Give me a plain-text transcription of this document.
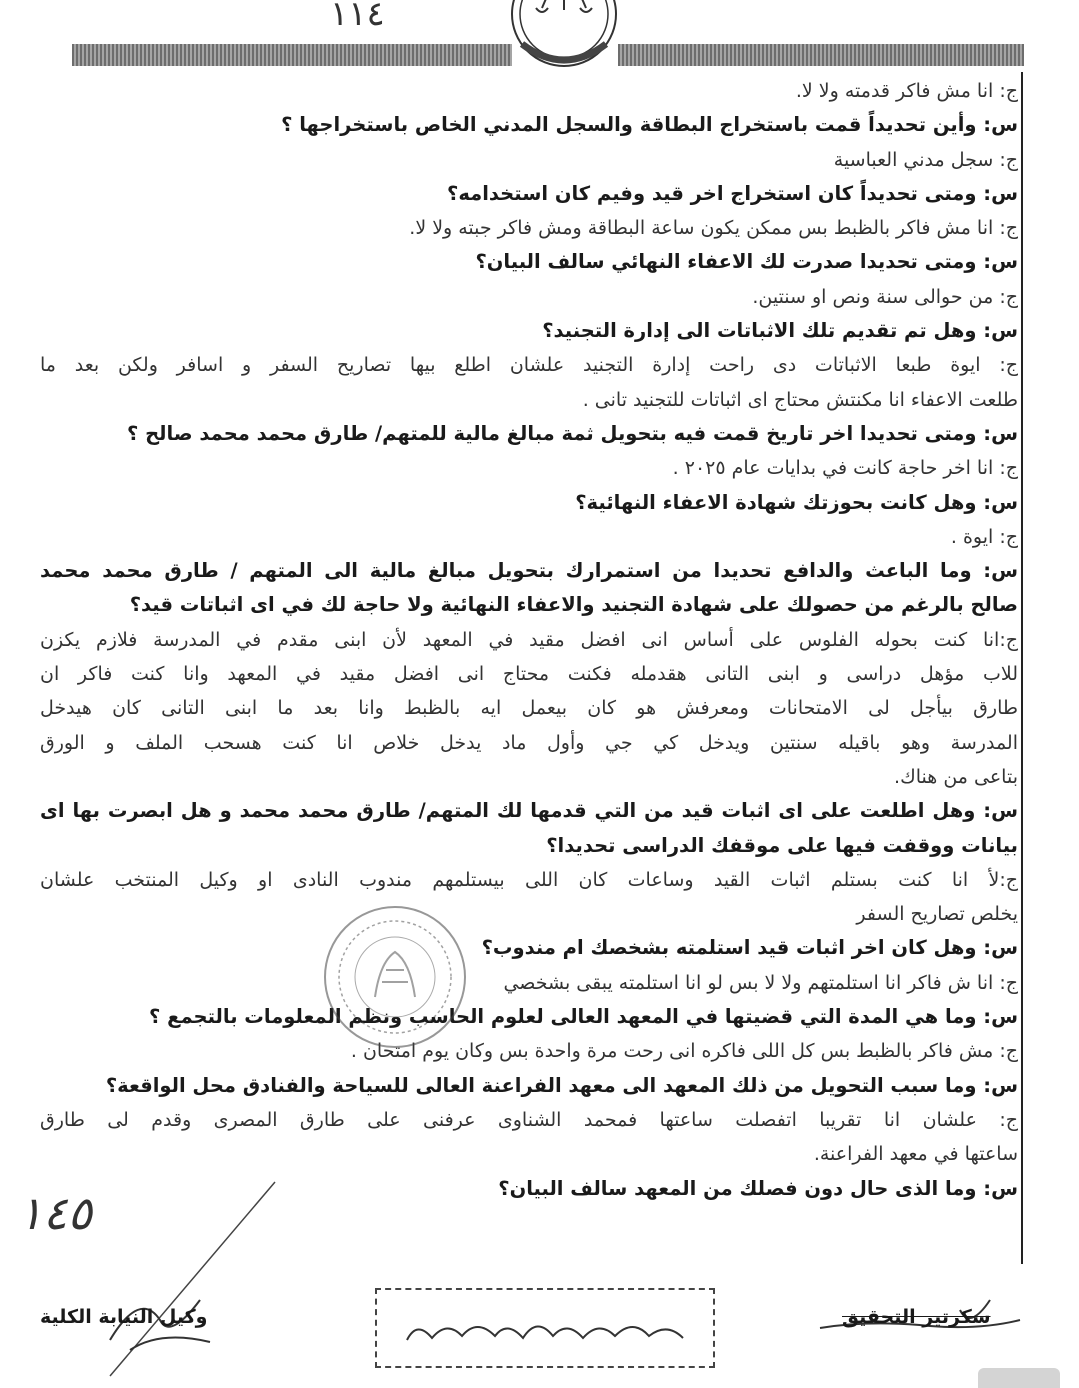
١١٤
ج: انا مش فاكر قدمته ولا لا.
س: وأين تحديداً قمت باستخراج البطاقة والسجل المدني الخاص باستخراجها ؟
ج: سجل مدني العباسية
س: ومتى تحديداً كان استخراج اخر قيد وفيم كان استخدامه؟
ج: انا مش فاكر بالظبط بس ممكن يكون ساعة البطاقة ومش فاكر جبته ولا لا.
س: ومتى تحديدا صدرت لك الاعفاء النهائي سالف البيان؟
ج: من حوالى سنة ونص او سنتين.
س: وهل تم تقديم تلك الاثباتات الى إدارة التجنيد؟
ج: ايوة طبعا الاثباتات دى راحت إدارة التجنيد علشان اطلع بيها تصاريح السفر و اسافر ولكن بعد ما
طلعت الاعفاء انا مكنتش محتاج اى اثباتات للتجنيد تانى .
س: ومتى تحديدا اخر تاريخ قمت فيه بتحويل ثمة مبالغ مالية للمتهم/ طارق محمد محمد صالح ؟
ج: انا اخر حاجة كانت في بدايات عام ٢٠٢٥ .
س: وهل كانت بحوزتك شهادة الاعفاء النهائية؟
ج: ايوة .
س: وما الباعث والدافع تحديدا من استمرارك بتحويل مبالغ مالية الى المتهم / طارق محمد محمد
صالح بالرغم من حصولك على شهادة التجنيد والاعفاء النهائية ولا حاجة لك في اى اثباتات قيد؟
ج:انا كنت بحوله الفلوس على أساس انى افضل مقيد في المعهد لأن ابنى مقدم في المدرسة فلازم يكزن
للاب مؤهل دراسى و ابنى التانى هقدمله فكنت محتاج انى افضل مقيد في المعهد وانا كنت فاكر ان
طارق بيأجل لى الامتحانات ومعرفش هو كان بيعمل ايه بالظبط وانا بعد ما ابنى التانى كان هيدخل
المدرسة وهو باقيله سنتين ويدخل كي جي وأول ماد يدخل خلاص انا كنت هسحب الملف و الورق
بتاعى من هناك.
س: وهل اطلعت على اى اثبات قيد من التي قدمها لك المتهم/ طارق محمد محمد و هل ابصرت بها اى
بيانات ووقفت فيها على موقفك الدراسى تحديدا؟
ج:لأ انا كنت بستلم اثبات القيد وساعات كان اللى بيستلمهم مندوب النادى او وكيل المنتخب علشان
يخلص تصاريح السفر
س: وهل كان اخر اثبات قيد استلمته بشخصك ام مندوب؟
ج: انا ش فاكر انا استلمتهم ولا لا بس لو انا استلمته يبقى بشخصي
س: وما هي المدة التي قضيتها في المعهد العالى لعلوم الحاسب ونظم المعلومات بالتجمع ؟
ج: مش فاكر بالظبط بس كل اللى فاكره انى رحت مرة واحدة بس وكان يوم امتحان .
س: وما سبب التحويل من ذلك المعهد الى معهد الفراعنة العالى للسياحة والفنادق محل الواقعة؟
ج: علشان انا تقريبا اتفصلت ساعتها فمحمد الشناوى عرفنى على طارق المصرى وقدم لى طارق
ساعتها في معهد الفراعنة.
س: وما الذى حال دون فصلك من المعهد سالف البيان؟
١٤٥
وكيل النيابة الكلية	سكرتير التحقيق
